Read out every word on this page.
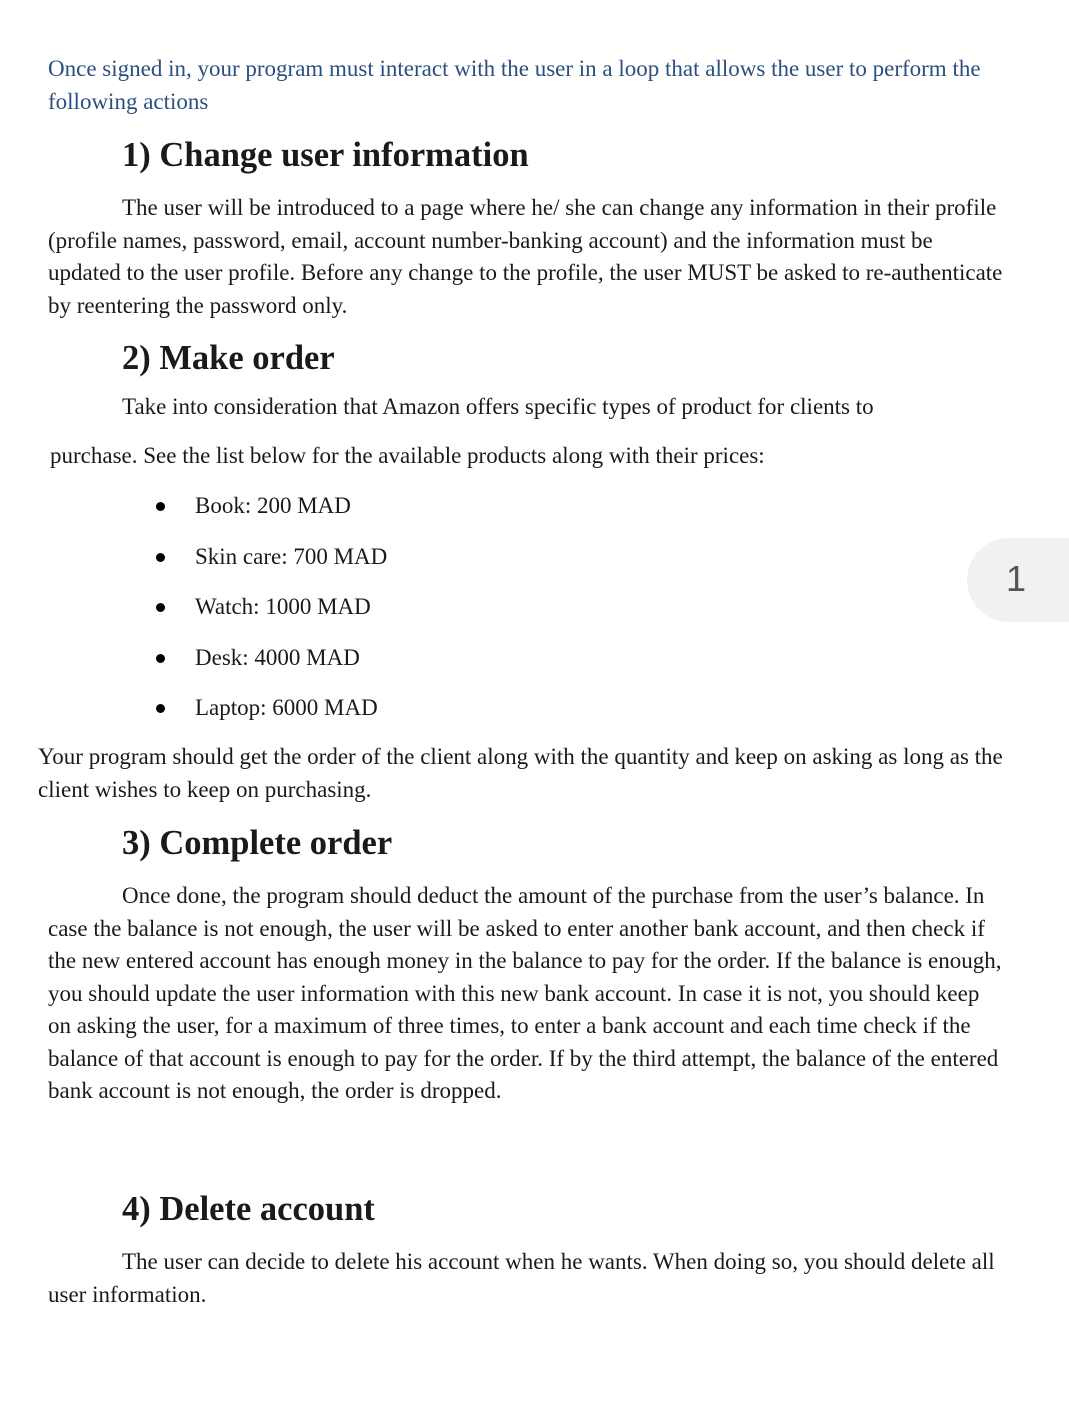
Once signed in, your program must interact with the user in a loop that allows the user to perform the following actions

1) Change user information

The user will be introduced to a page where he/ she can change any information in their profile (profile names, password, email, account number-banking account) and the information must be updated to the user profile. Before any change to the profile, the user MUST be asked to re-authenticate by reentering the password only.

2) Make order

Take into consideration that Amazon offers specific types of product for clients to

purchase. See the list below for the available products along with their prices:

Book: 200 MAD
Skin care: 700 MAD
Watch: 1000 MAD
Desk: 4000 MAD
Laptop: 6000 MAD

Your program should get the order of the client along with the quantity and keep on asking as long as the client wishes to keep on purchasing.

3) Complete order

Once done, the program should deduct the amount of the purchase from the user’s balance. In case the balance is not enough, the user will be asked to enter another bank account, and then check if the new entered account has enough money in the balance to pay for the order. If the balance is enough, you should update the user information with this new bank account. In case it is not, you should keep on asking the user, for a maximum of three times, to enter a bank account and each time check if the balance of that account is enough to pay for the order. If by the third attempt, the balance of the entered bank account is not enough, the order is dropped.

4) Delete account

The user can decide to delete his account when he wants. When doing so, you should delete all user information.

1
